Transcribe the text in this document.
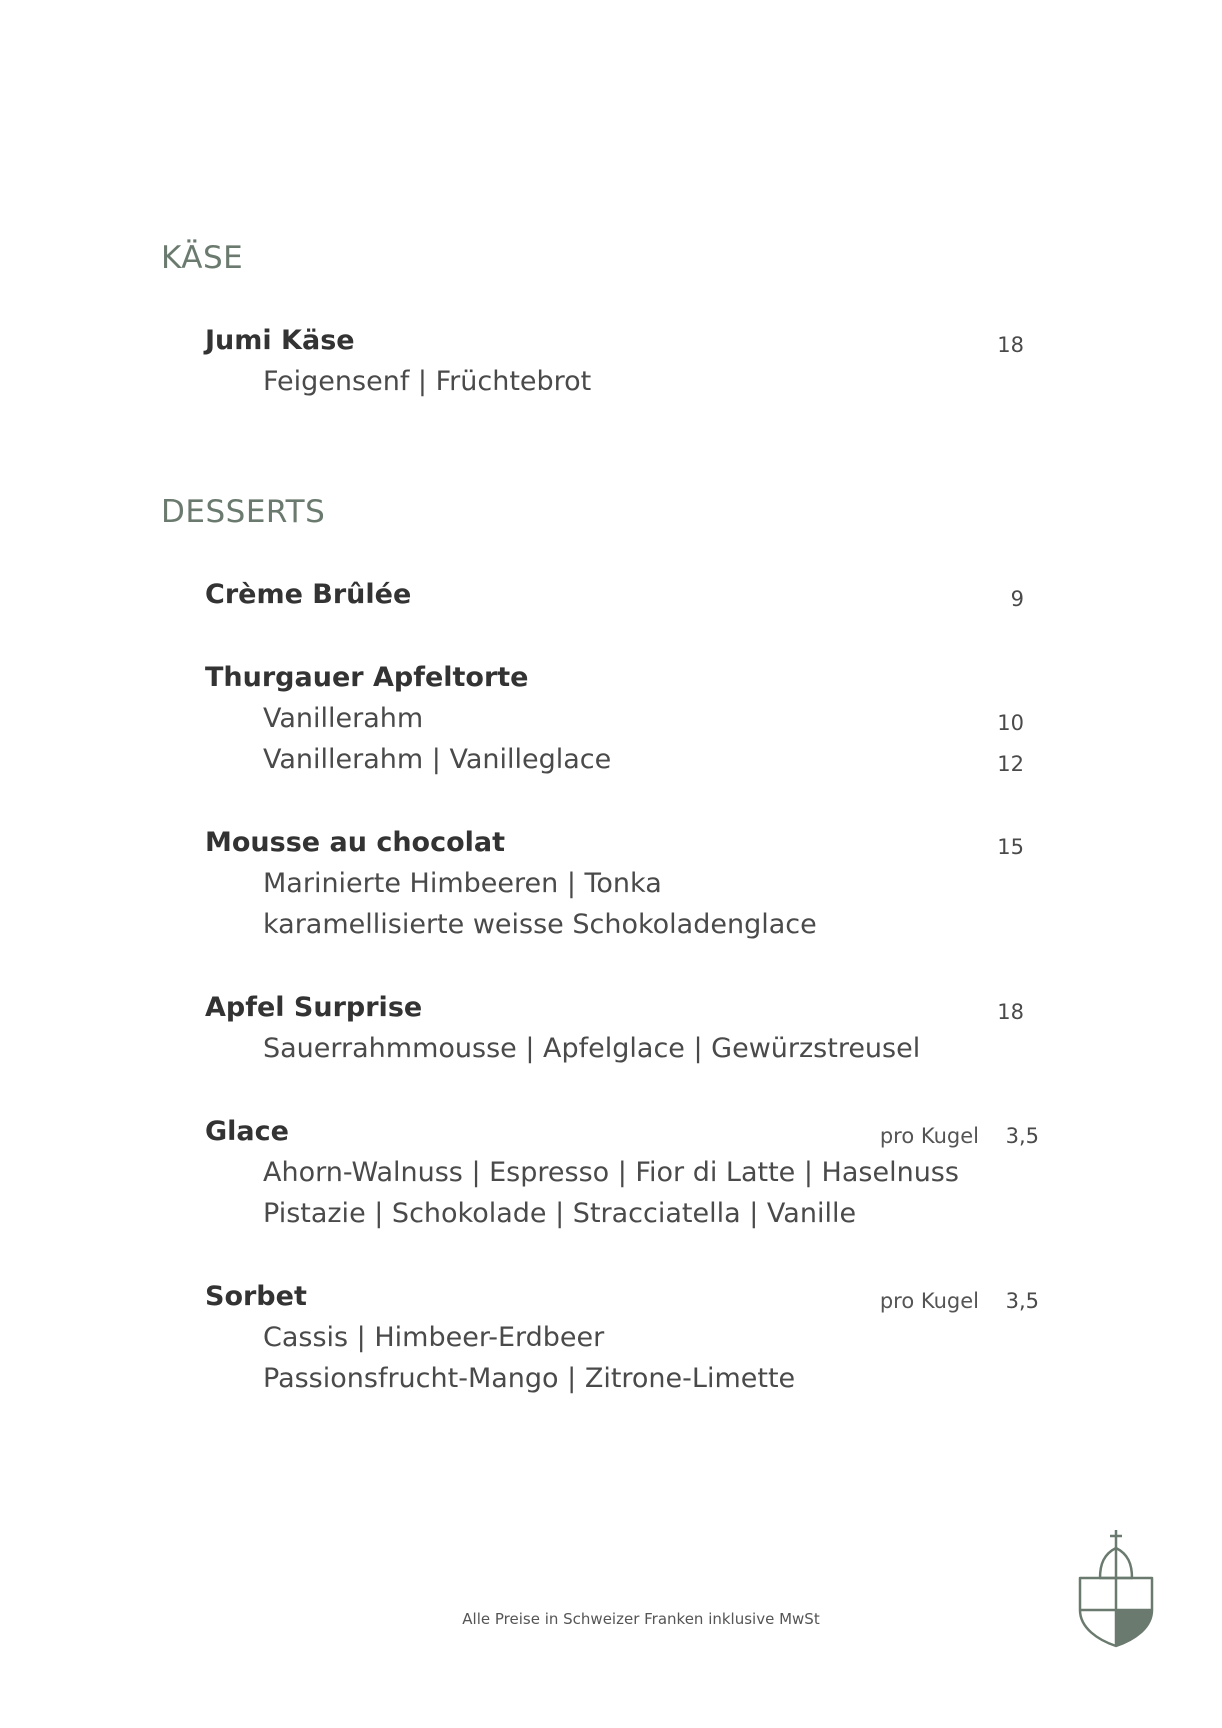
KÄSE
Jumi Käse	18
Feigensenf | Früchtebrot
DESSERTS
Crème Brûlée	9
Thurgauer Apfeltorte
Vanillerahm	10
Vanillerahm | Vanilleglace	12
Mousse au chocolat	15
Marinierte Himbeeren | Tonka
karamellisierte weisse Schokoladenglace
Apfel Surprise	18
Sauerrahmmousse | Apfelglace | Gewürzstreusel
Glace	pro Kugel 3,5
Ahorn-Walnuss | Espresso | Fior di Latte | Haselnuss
Pistazie | Schokolade | Stracciatella | Vanille
Sorbet	pro Kugel 3,5
Cassis | Himbeer-Erdbeer
Passionsfrucht-Mango | Zitrone-Limette
Alle Preise in Schweizer Franken inklusive MwSt
